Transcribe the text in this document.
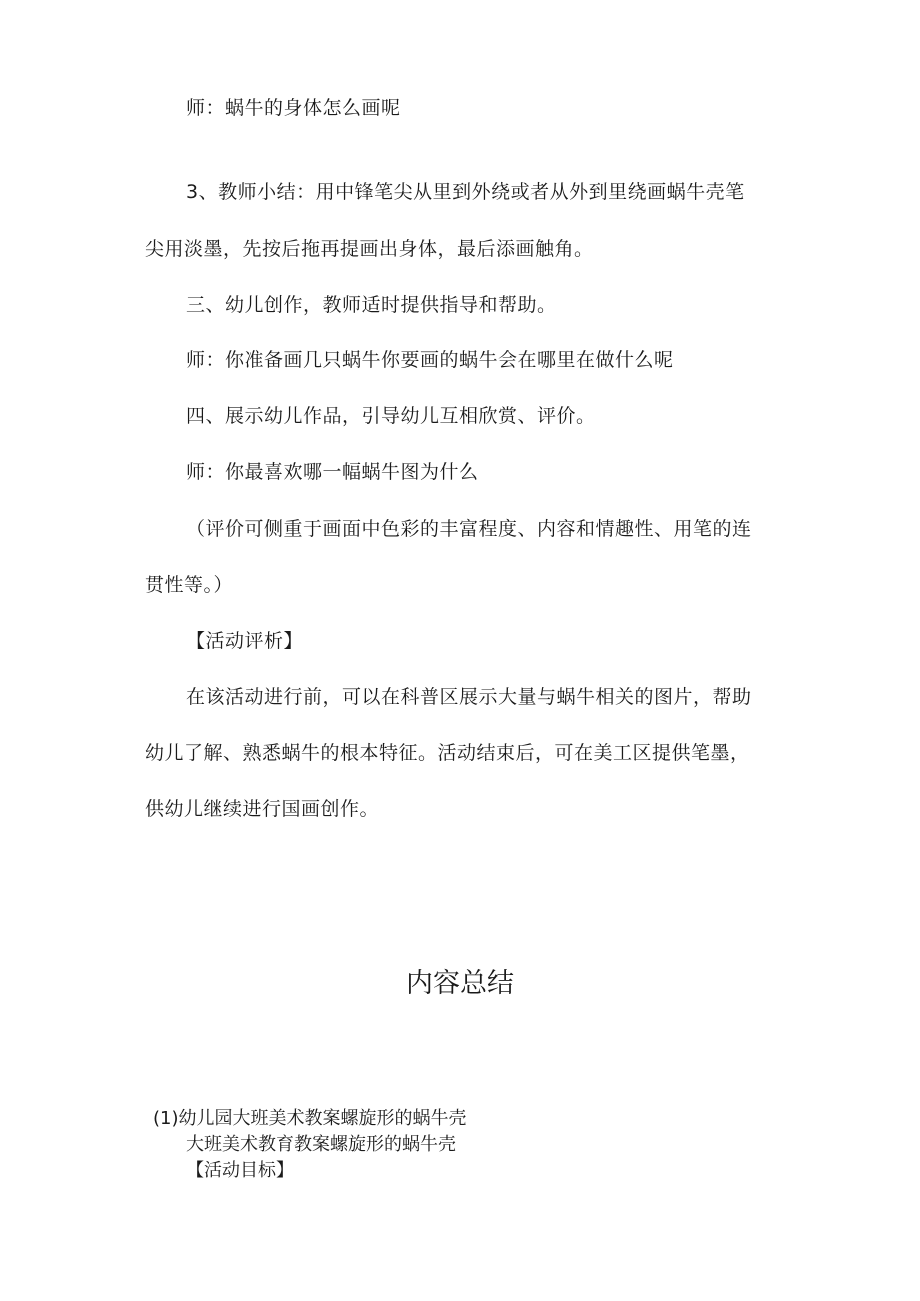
师：蜗牛的身体怎么画呢
3、教师小结：用中锋笔尖从里到外绕或者从外到里绕画蜗牛壳笔
尖用淡墨，先按后拖再提画出身体，最后添画触角。
三、幼儿创作，教师适时提供指导和帮助。
师：你准备画几只蜗牛你要画的蜗牛会在哪里在做什么呢
四、展示幼儿作品，引导幼儿互相欣赏、评价。
师：你最喜欢哪一幅蜗牛图为什么
（评价可侧重于画面中色彩的丰富程度、内容和情趣性、用笔的连
贯性等。）
【活动评析】
在该活动进行前，可以在科普区展示大量与蜗牛相关的图片，帮助
幼儿了解、熟悉蜗牛的根本特征。活动结束后，可在美工区提供笔墨，
供幼儿继续进行国画创作。
内容总结
(1)幼儿园大班美术教案螺旋形的蜗牛壳
大班美术教育教案螺旋形的蜗牛壳
【活动目标】
